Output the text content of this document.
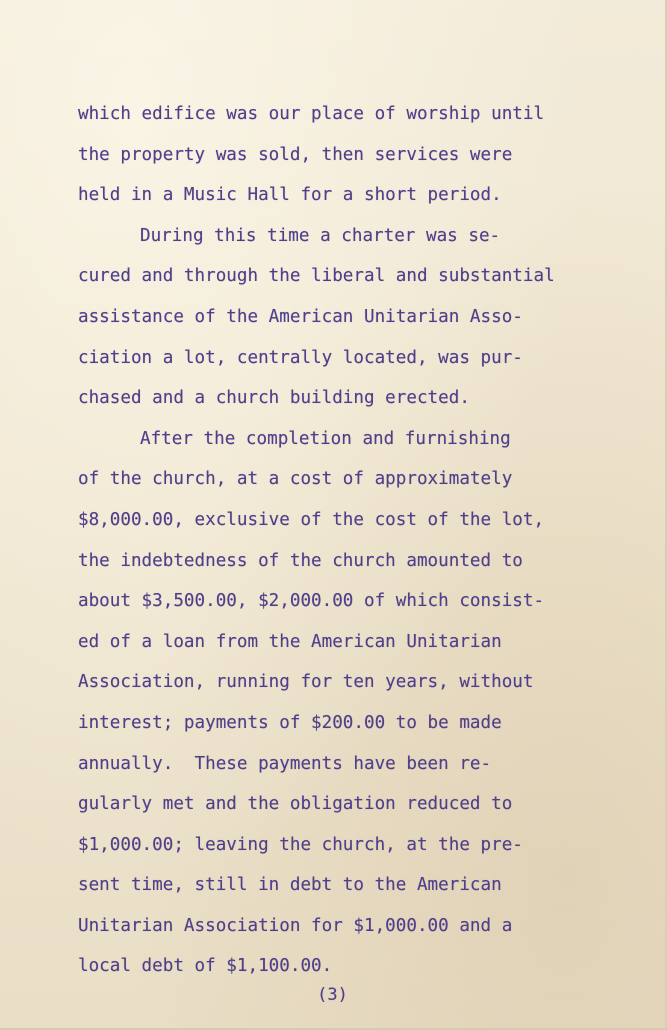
which edifice was our place of worship until
the property was sold, then services were
held in a Music Hall for a short period.
During this time a charter was se-
cured and through the liberal and substantial
assistance of the American Unitarian Asso-
ciation a lot, centrally located, was pur-
chased and a church building erected.
After the completion and furnishing
of the church, at a cost of approximately
$8,000.00, exclusive of the cost of the lot,
the indebtedness of the church amounted to
about $3,500.00, $2,000.00 of which consist-
ed of a loan from the American Unitarian
Association, running for ten years, without
interest; payments of $200.00 to be made
annually.  These payments have been re-
gularly met and the obligation reduced to
$1,000.00; leaving the church, at the pre-
sent time, still in debt to the American
Unitarian Association for $1,000.00 and a
local debt of $1,100.00.
(3)
